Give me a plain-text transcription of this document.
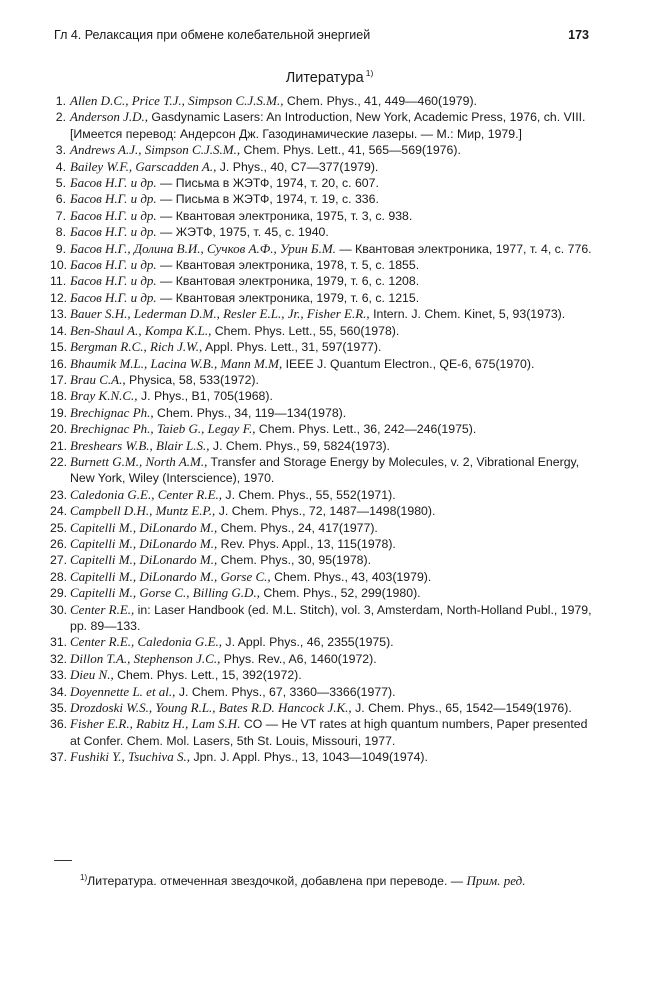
Гл 4. Релаксация при обмене колебательной энергией	173
Литература $^{1)}$
1. Allen D.C., Price T.J., Simpson C.J.S.M., Chem. Phys., 41, 449—460(1979).
2. Anderson J.D., Gasdynamic Lasers: An Introduction, New York, Academic Press, 1976, ch. VIII. [Имеется перевод: Андерсон Дж. Газодинамические лазеры. — М.: Мир, 1979.]
3. Andrews A.J., Simpson C.J.S.M., Chem. Phys. Lett., 41, 565—569(1976).
4. Bailey W.F., Garscadden A., J. Phys., 40, C7—377(1979).
5. Басов Н.Г. и др. — Письма в ЖЭТФ, 1974, т. 20, с. 607.
6. Басов Н.Г. и др. — Письма в ЖЭТФ, 1974, т. 19, с. 336.
7. Басов Н.Г. и др. — Квантовая электроника, 1975, т. 3, с. 938.
8. Басов Н.Г. и др. — ЖЭТФ, 1975, т. 45, с. 1940.
9. Басов Н.Г., Долина В.И., Сучков А.Ф., Урин Б.М. — Квантовая электроника, 1977, т. 4, с. 776.
10. Басов Н.Г. и др. — Квантовая электроника, 1978, т. 5, с. 1855.
11. Басов Н.Г. и др. — Квантовая электроника, 1979, т. 6, с. 1208.
12. Басов Н.Г. и др. — Квантовая электроника, 1979, т. 6, с. 1215.
13. Bauer S.H., Lederman D.M., Resler E.L., Jr., Fisher E.R., Intern. J. Chem. Kinet, 5, 93(1973).
14. Ben-Shaul A., Kompa K.L., Chem. Phys. Lett., 55, 560(1978).
15. Bergman R.C., Rich J.W., Appl. Phys. Lett., 31, 597(1977).
16. Bhaumik M.L., Lacina W.B., Mann M.M, IEEE J. Quantum Electron., QE-6, 675(1970).
17. Brau C.A., Physica, 58, 533(1972).
18. Bray K.N.C., J. Phys., B1, 705(1968).
19. Brechignac Ph., Chem. Phys., 34, 119—134(1978).
20. Brechignac Ph., Taieb G., Legay F., Chem. Phys. Lett., 36, 242—246(1975).
21. Breshears W.B., Blair L.S., J. Chem. Phys., 59, 5824(1973).
22. Burnett G.M., North A.M., Transfer and Storage Energy by Molecules, v. 2, Vibrational Energy, New York, Wiley (Interscience), 1970.
23. Caledonia G.E., Center R.E., J. Chem. Phys., 55, 552(1971).
24. Campbell D.H., Muntz E.P., J. Chem. Phys., 72, 1487—1498(1980).
25. Capitelli M., DiLonardo M., Chem. Phys., 24, 417(1977).
26. Capitelli M., DiLonardo M., Rev. Phys. Appl., 13, 115(1978).
27. Capitelli M., DiLonardo M., Chem. Phys., 30, 95(1978).
28. Capitelli M., DiLonardo M., Gorse C., Chem. Phys., 43, 403(1979).
29. Capitelli M., Gorse C., Billing G.D., Chem. Phys., 52, 299(1980).
30. Center R.E., in: Laser Handbook (ed. M.L. Stitch), vol. 3, Amsterdam, North-Holland Publ., 1979, pp. 89—133.
31. Center R.E., Caledonia G.E., J. Appl. Phys., 46, 2355(1975).
32. Dillon T.A., Stephenson J.C., Phys. Rev., A6, 1460(1972).
33. Dieu N., Chem. Phys. Lett., 15, 392(1972).
34. Doyennette L. et al., J. Chem. Phys., 67, 3360—3366(1977).
35. Drozdoski W.S., Young R.L., Bates R.D. Hancock J.K., J. Chem. Phys., 65, 1542—1549(1976).
36. Fisher E.R., Rabitz H., Lam S.H. CO — He VT rates at high quantum numbers, Paper presented at Confer. Chem. Mol. Lasers, 5th St. Louis, Missouri, 1977.
37. Fushiki Y., Tsuchiva S., Jpn. J. Appl. Phys., 13, 1043—1049(1974).
$^{1)}$Литература. отмеченная звездочкой, добавлена при переводе. — Прим. ред.
